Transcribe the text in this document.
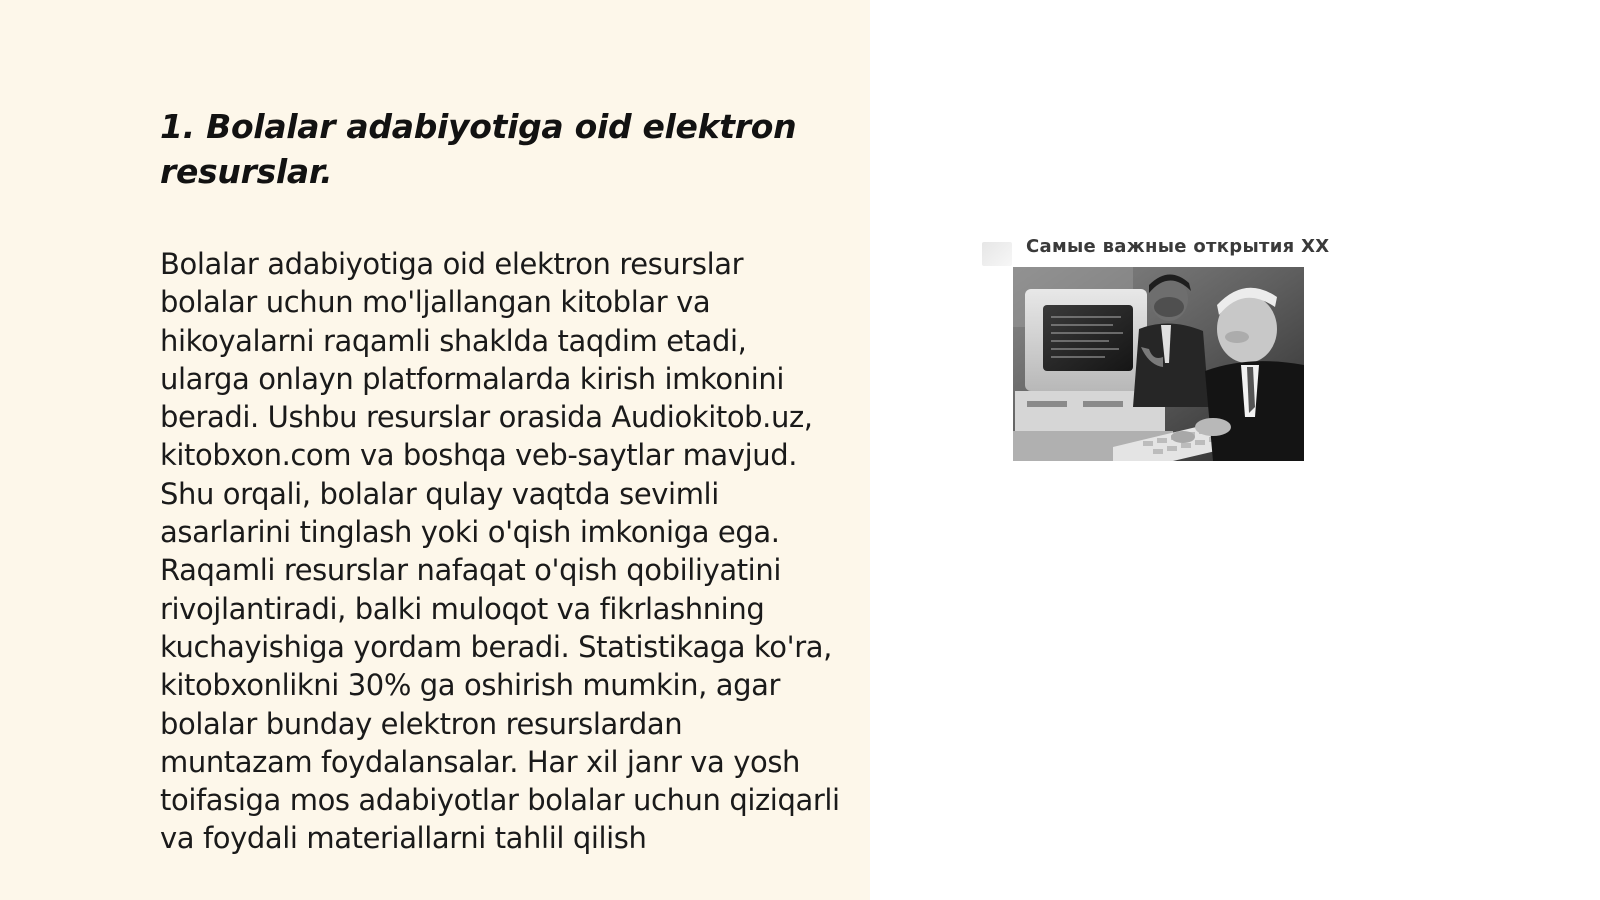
1. Bolalar adabiyotiga oid elektron resurslar.

Bolalar adabiyotiga oid elektron resurslar bolalar uchun mo'ljallangan kitoblar va hikoyalarni raqamli shaklda taqdim etadi, ularga onlayn platformalarda kirish imkonini beradi. Ushbu resurslar orasida Audiokitob.uz, kitobxon.com va boshqa veb-saytlar mavjud. Shu orqali, bolalar qulay vaqtda sevimli asarlarini tinglash yoki o'qish imkoniga ega. Raqamli resurslar nafaqat o'qish qobiliyatini rivojlantiradi, balki muloqot va fikrlashning kuchayishiga yordam beradi. Statistikaga ko'ra, kitobxonlikni 30% ga oshirish mumkin, agar bolalar bunday elektron resurslardan muntazam foydalansalar. Har xil janr va yosh toifasiga mos adabiyotlar bolalar uchun qiziqarli va foydali materiallarni tahlil qilish

Самые важные открытия ХХ
